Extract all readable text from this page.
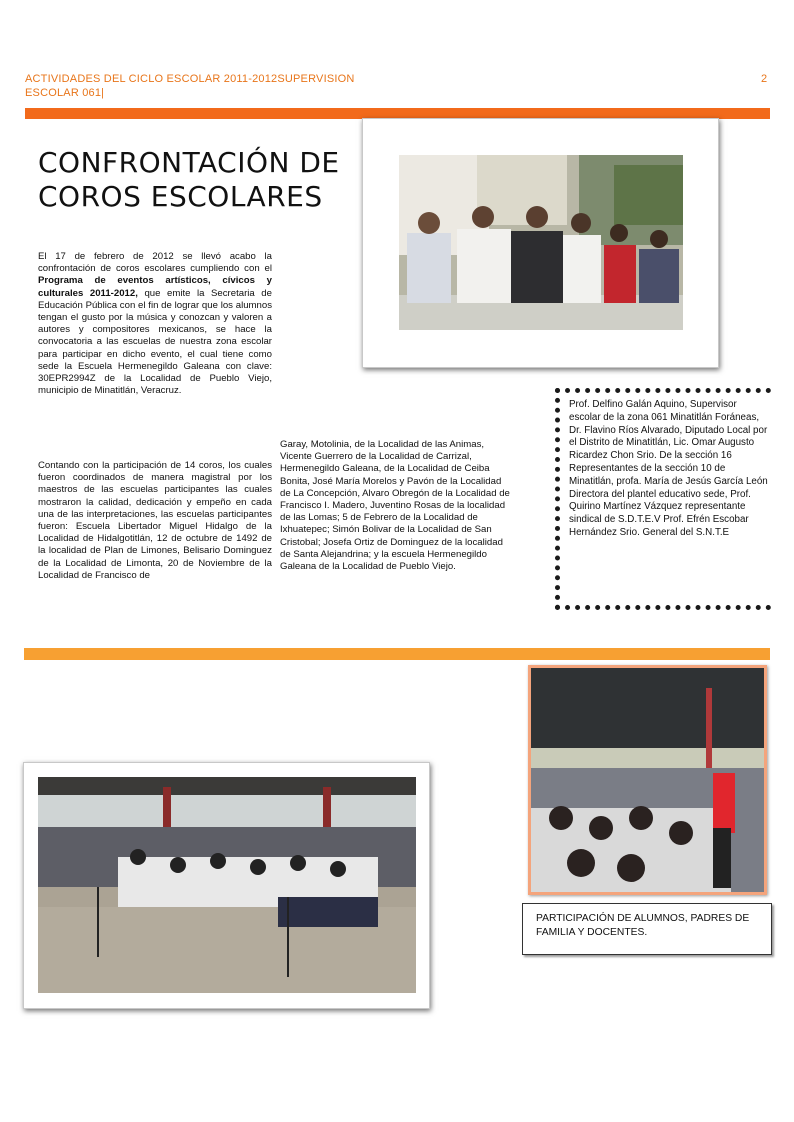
ACTIVIDADES DEL CICLO ESCOLAR 2011-2012SUPERVISION ESCOLAR 061|
2
CONFRONTACIÓN DE
COROS ESCOLARES
El 17 de febrero de 2012 se llevó acabo la confrontación de coros escolares cumpliendo con el Programa de eventos artísticos, cívicos y culturales 2011-2012, que emite la Secretaria de Educación Pública con el fin de lograr que los alumnos tengan el gusto por la música y conozcan y valoren a autores y compositores mexicanos, se hace la convocatoria a las escuelas de nuestra zona escolar para participar en dicho evento, el cual tiene como sede la Escuela Hermenegildo Galeana con clave: 30EPR2994Z de la Localidad de Pueblo Viejo, municipio de Minatitlán, Veracruz.
Contando con la participación de 14 coros, los cuales fueron coordinados de manera magistral por los maestros de las escuelas participantes las cuales mostraron la calidad, dedicación y empeño en cada una de las interpretaciones, las escuelas participantes fueron: Escuela Libertador Miguel Hidalgo de la Localidad de Hidalgotitlán, 12 de octubre de 1492 de la localidad de Plan de Limones, Belisario Dominguez de la Localidad de Limonta, 20 de Noviembre de la Localidad de Francisco de
Garay, Motolinia, de la Localidad de las Animas, Vicente Guerrero de la Localidad de Carrizal, Hermenegildo Galeana, de la Localidad de Ceiba Bonita, José María Morelos y Pavón de la Localidad de La Concepción, Alvaro Obregón de la Localidad de Francisco I. Madero, Juventino Rosas de la localidad de las Lomas; 5 de Febrero de la Localidad de Ixhuatepec; Simón Bolivar de la Localidad de San Cristobal; Josefa Ortiz de Dominguez de la localidad de Santa Alejandrina; y la escuela Hermenegildo Galeana de la Localidad de Pueblo Viejo.
Prof. Delfino Galán Aquino, Supervisor escolar de la zona 061 Minatitlán Foráneas, Dr. Flavino Ríos Alvarado, Diputado Local por el Distrito de Minatitlán, Lic. Omar Augusto Ricardez Chon Srio. De la sección 16 Representantes de la sección 10 de Minatitlán, profa. María de Jesús García León Directora del plantel educativo sede, Prof. Quirino Martínez Vázquez representante sindical de S.D.T.E.V Prof. Efrén Escobar Hernández Srio. General del S.N.T.E
PARTICIPACIÓN DE ALUMNOS, PADRES DE FAMILIA Y DOCENTES.
